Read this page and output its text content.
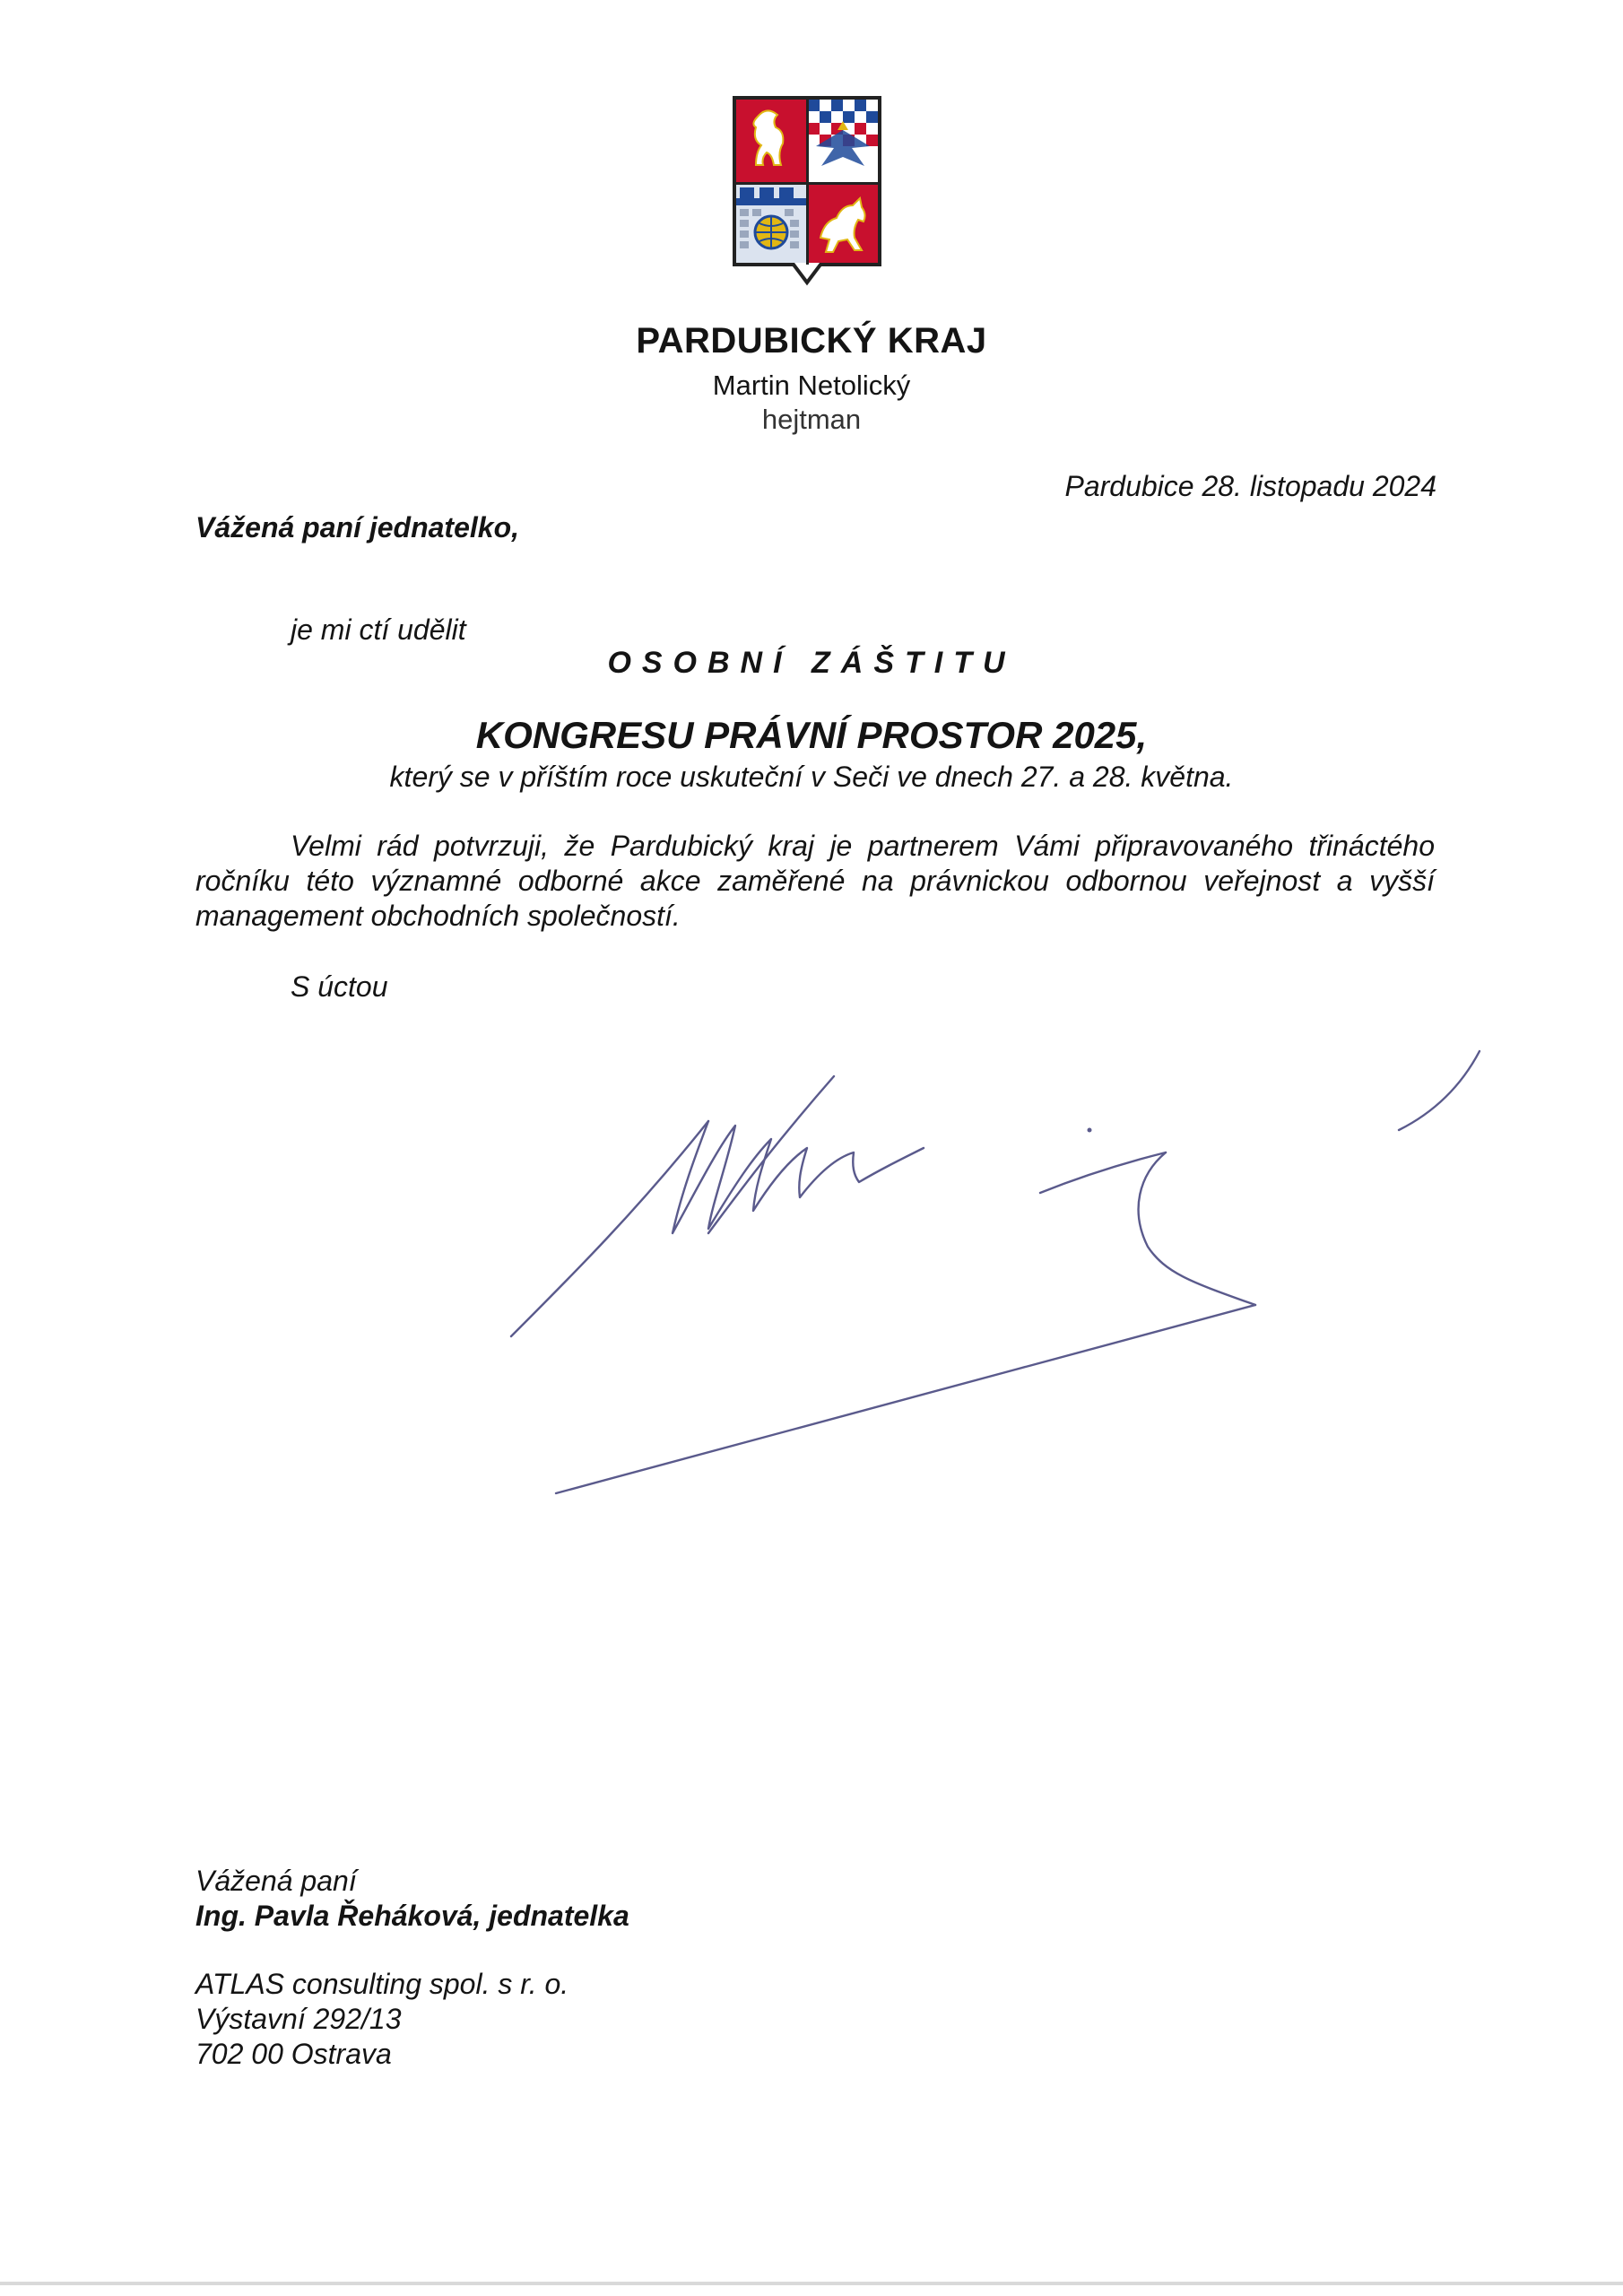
PARDUBICKÝ KRAJ
Martin Netolický
hejtman
Pardubice 28. listopadu 2024
Vážená paní jednatelko,
je mi ctí udělit
OSOBNÍ ZÁŠTITU
KONGRESU PRÁVNÍ PROSTOR 2025,
který se v příštím roce uskuteční v Seči ve dnech 27. a 28. května.
Velmi rád potvrzuji, že Pardubický kraj je partnerem Vámi připravovaného třináctého ročníku této významné odborné akce zaměřené na právnickou odbornou veřejnost a vyšší management obchodních společností.
S úctou
Vážená paní
Ing. Pavla Řeháková, jednatelka
ATLAS consulting spol. s r. o.
Výstavní 292/13
702 00 Ostrava
